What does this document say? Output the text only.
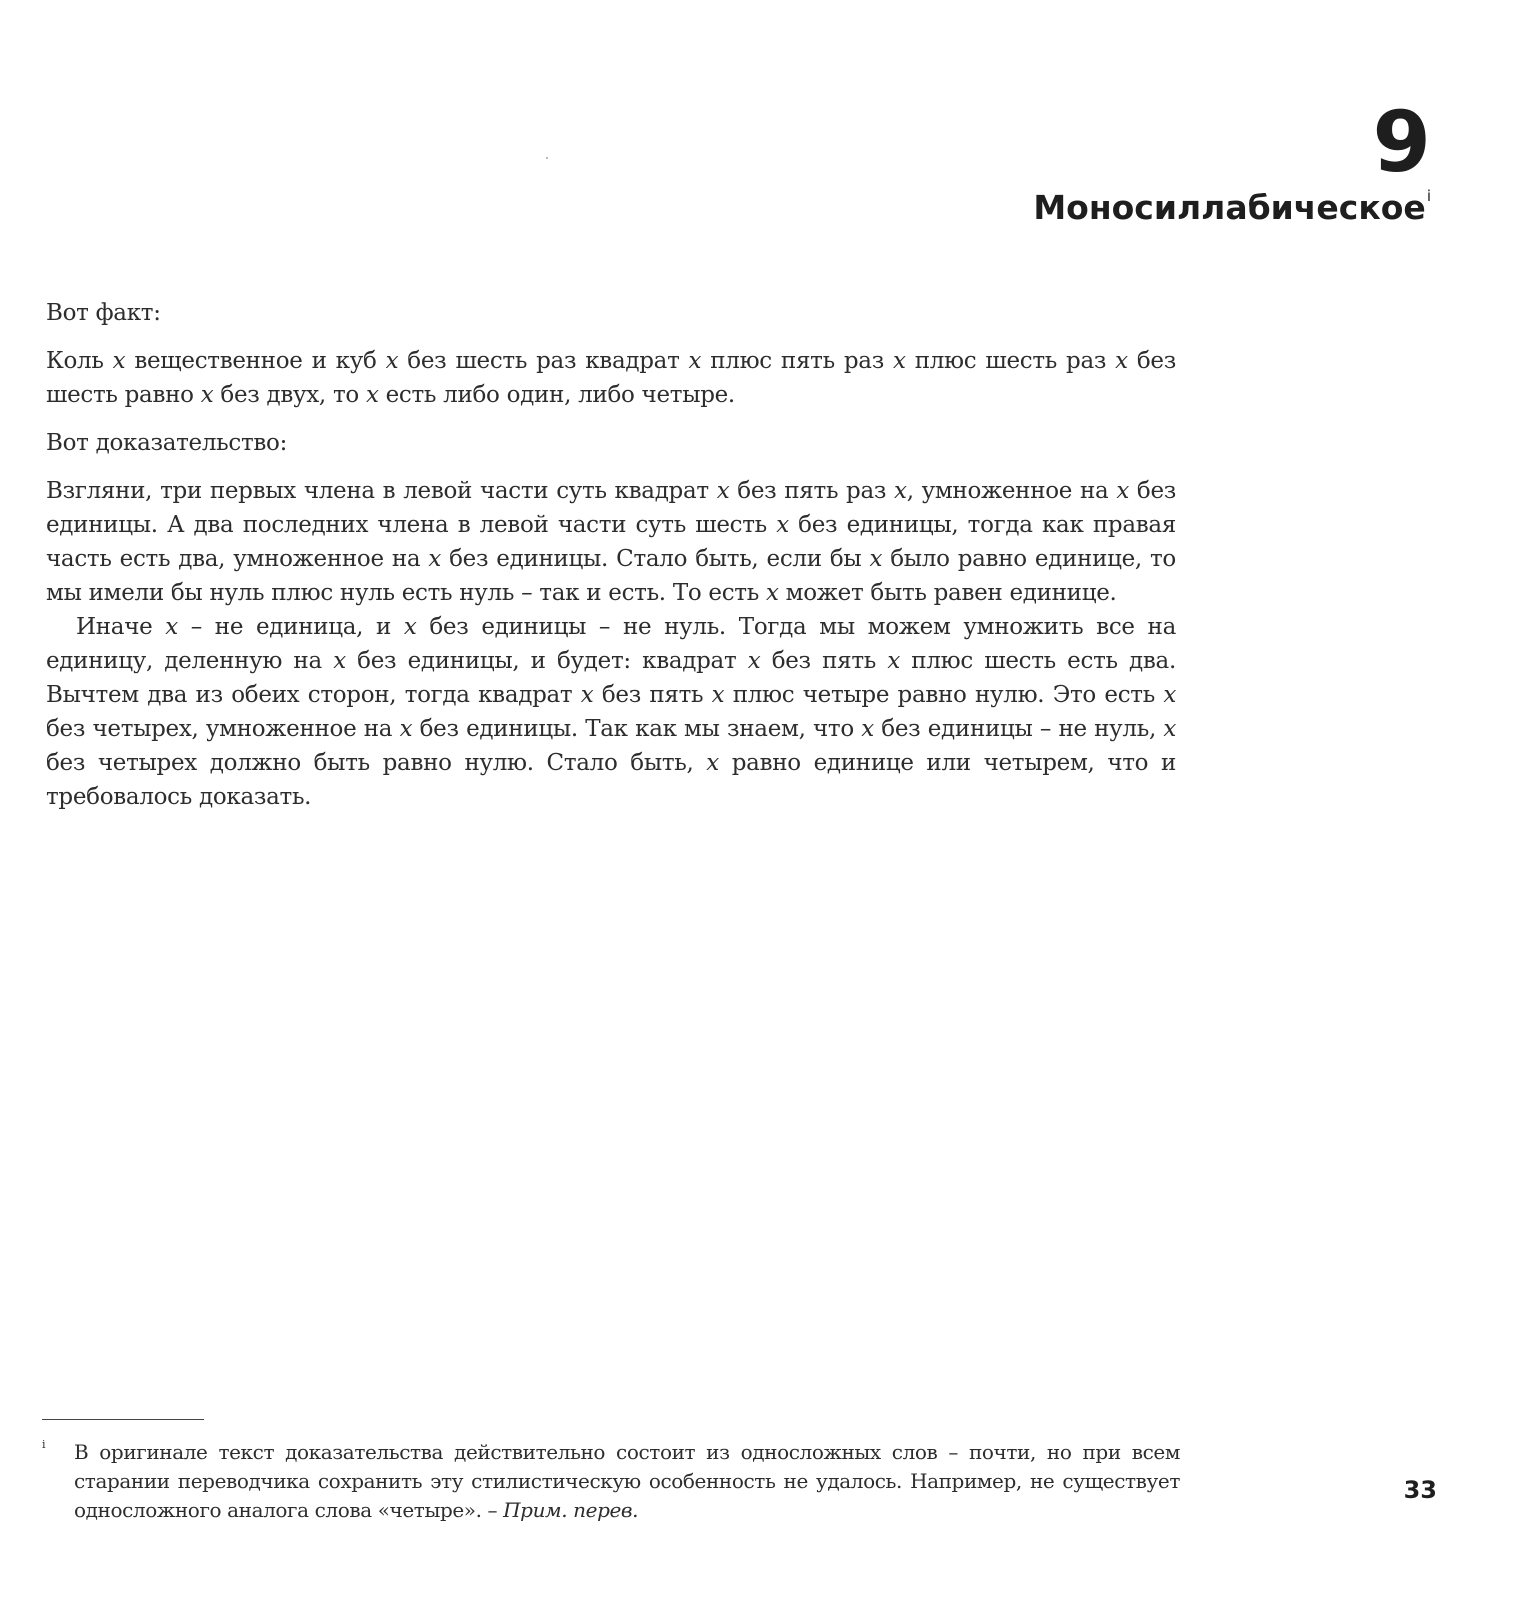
9
Моносиллабическое$^i$

Вот факт:

Коль x вещественное и куб x без шесть раз квадрат x плюс пять раз x плюс шесть раз x без шесть равно x без двух, то x есть либо один, либо четыре.

Вот доказательство:

Взгляни, три первых члена в левой части суть квадрат x без пять раз x, умноженное на x без единицы. А два последних члена в левой части суть шесть x без единицы, тогда как правая часть есть два, умноженное на x без единицы. Стало быть, если бы x было равно единице, то мы имели бы нуль плюс нуль есть нуль – так и есть. То есть x может быть равен единице.

Иначе x – не единица, и x без единицы – не нуль. Тогда мы можем умножить все на единицу, деленную на x без единицы, и будет: квадрат x без пять x плюс шесть есть два. Вычтем два из обеих сторон, тогда квадрат x без пять x плюс четыре равно нулю. Это есть x без четырех, умноженное на x без единицы. Так как мы знаем, что x без единицы – не нуль, x без четырех должно быть равно нулю. Стало быть, x равно единице или четырем, что и требовалось доказать.

i В оригинале текст доказательства действительно состоит из односложных слов – почти, но при всем старании переводчика сохранить эту стилистическую особенность не удалось. Например, не существует односложного аналога слова «четыре». – Прим. перев.
33
